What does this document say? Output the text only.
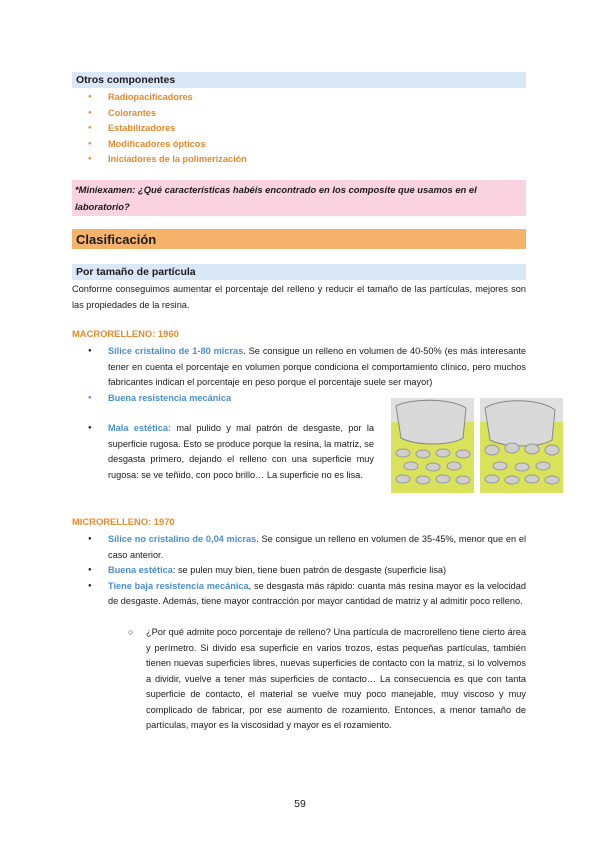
Otros componentes
● Radiopacificadores
● Colorantes
● Estabilizadores
● Modificadores ópticos
● Iniciadores de la polimerización
*Miniexamen: ¿Qué características habéis encontrado en los composite que usamos en el laboratorio?
Clasificación
Por tamaño de partícula
Conforme conseguimos aumentar el porcentaje del relleno y reducir el tamaño de las partículas, mejores son las propiedades de la resina.
MACRORELLENO: 1960
● Sílice cristalino de 1-80 micras. Se consigue un relleno en volumen de 40-50% (es más interesante tener en cuenta el porcentaje en volumen porque condiciona el comportamiento clínico, pero muchos fabricantes indican el porcentaje en peso porque el porcentaje suele ser mayor)
● Buena resistencia mecánica
● Mala estética: mal pulido y mal patrón de desgaste, por la superficie rugosa. Esto se produce porque la resina, la matriz, se desgasta primero, dejando el relleno con una superficie muy rugosa: se ve teñido, con poco brillo… La superficie no es lisa.
MICRORELLENO: 1970
● Sílice no cristalino de 0,04 micras. Se consigue un relleno en volumen de 35-45%, menor que en el caso anterior.
● Buena estética: se pulen muy bien, tiene buen patrón de desgaste (superficie lisa)
● Tiene baja resistencia mecánica, se desgasta más rápido: cuanta más resina mayor es la velocidad de desgaste. Además, tiene mayor contracción por mayor cantidad de matriz y al admitir poco relleno.
○ ¿Por qué admite poco porcentaje de relleno? Una partícula de macrorelleno tiene cierto área y perímetro. Si divido esa superficie en varios trozos, estas pequeñas partículas, también tienen nuevas superficies libres, nuevas superficies de contacto con la matriz, si lo volvemos a dividir, vuelve a tener más superficies de contacto… La consecuencia es que con tanta superficie de contacto, el material se vuelve muy poco manejable, muy viscoso y muy complicado de fabricar, por ese aumento de rozamiento. Entonces, a menor tamaño de partículas, mayor es la viscosidad y mayor es el rozamiento.
59
